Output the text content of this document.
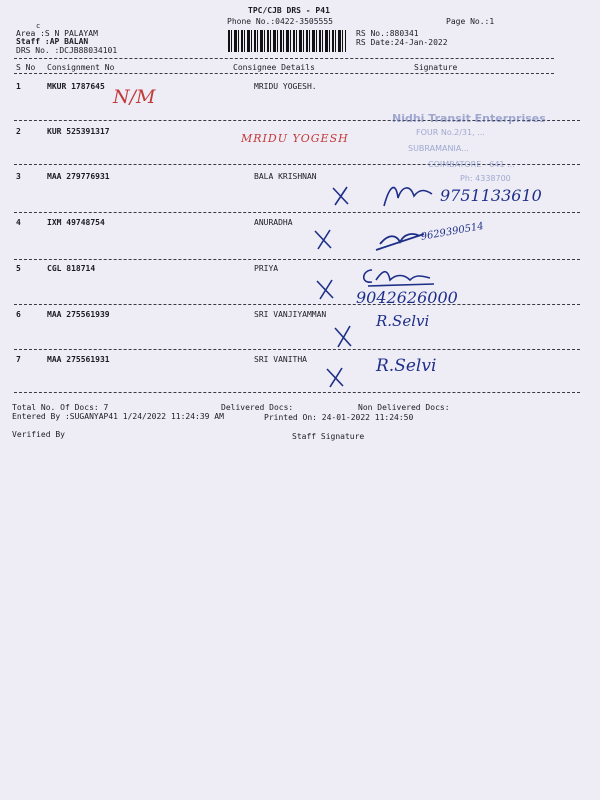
TPC/CJB DRS - P41
Phone No.:0422-3505555	Page No.:1
c
Area :S N PALAYAM
Staff :AP BALAN
DRS No. :DCJB88034101
RS No.:880341
RS Date:24-Jan-2022
S No Consignment No	Consignee Details	Signature
1	MKUR 1787645	MRIDU YOGESH.
N/M
2	KUR 525391317
MRIDU YOGESH
Nidhi Transit Enterprises
FOUR No.2/31, ...
SUBRAMANIA...
COIMBATORE - 641 ...
Ph: 4338700
3	MAA 279776931	BALA KRISHNAN
9751133610
4	IXM 49748754	ANURADHA	9629390514
5	CGL 818714	PRIYA
9042626000
6	MAA 275561939	SRI VANJIYAMMAN	R.Selvi
7	MAA 275561931	SRI VANITHA	R.Selvi
Total No. Of Docs: 7	Delivered Docs:	Non Delivered Docs:
Entered By :SUGANYAP41 1/24/2022 11:24:39 AM	Printed On: 24-01-2022 11:24:50
Verified By	Staff Signature
